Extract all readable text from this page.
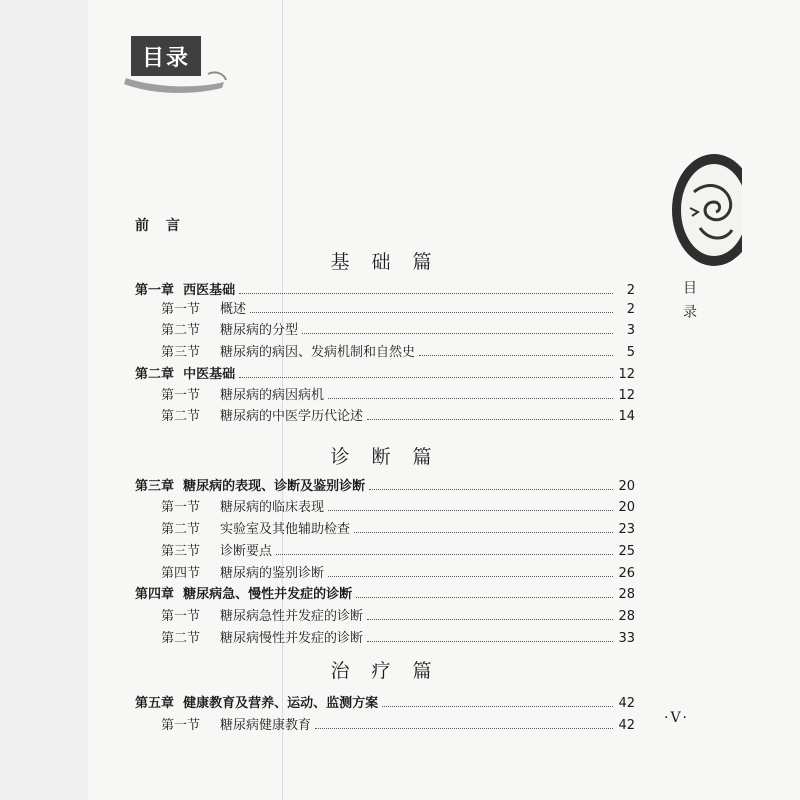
目录
目录
前 言
基 础 篇
第一章 西医基础	2
第一节 概述	2
第二节 糖尿病的分型	3
第三节 糖尿病的病因、发病机制和自然史	5
第二章 中医基础	12
第一节 糖尿病的病因病机	12
第二节 糖尿病的中医学历代论述	14
诊 断 篇
第三章 糖尿病的表现、诊断及鉴别诊断	20
第一节 糖尿病的临床表现	20
第二节 实验室及其他辅助检查	23
第三节 诊断要点	25
第四节 糖尿病的鉴别诊断	26
第四章 糖尿病急、慢性并发症的诊断	28
第一节 糖尿病急性并发症的诊断	28
第二节 糖尿病慢性并发症的诊断	33
治 疗 篇
第五章 健康教育及营养、运动、监测方案	42
第一节 糖尿病健康教育	42 ·V·
